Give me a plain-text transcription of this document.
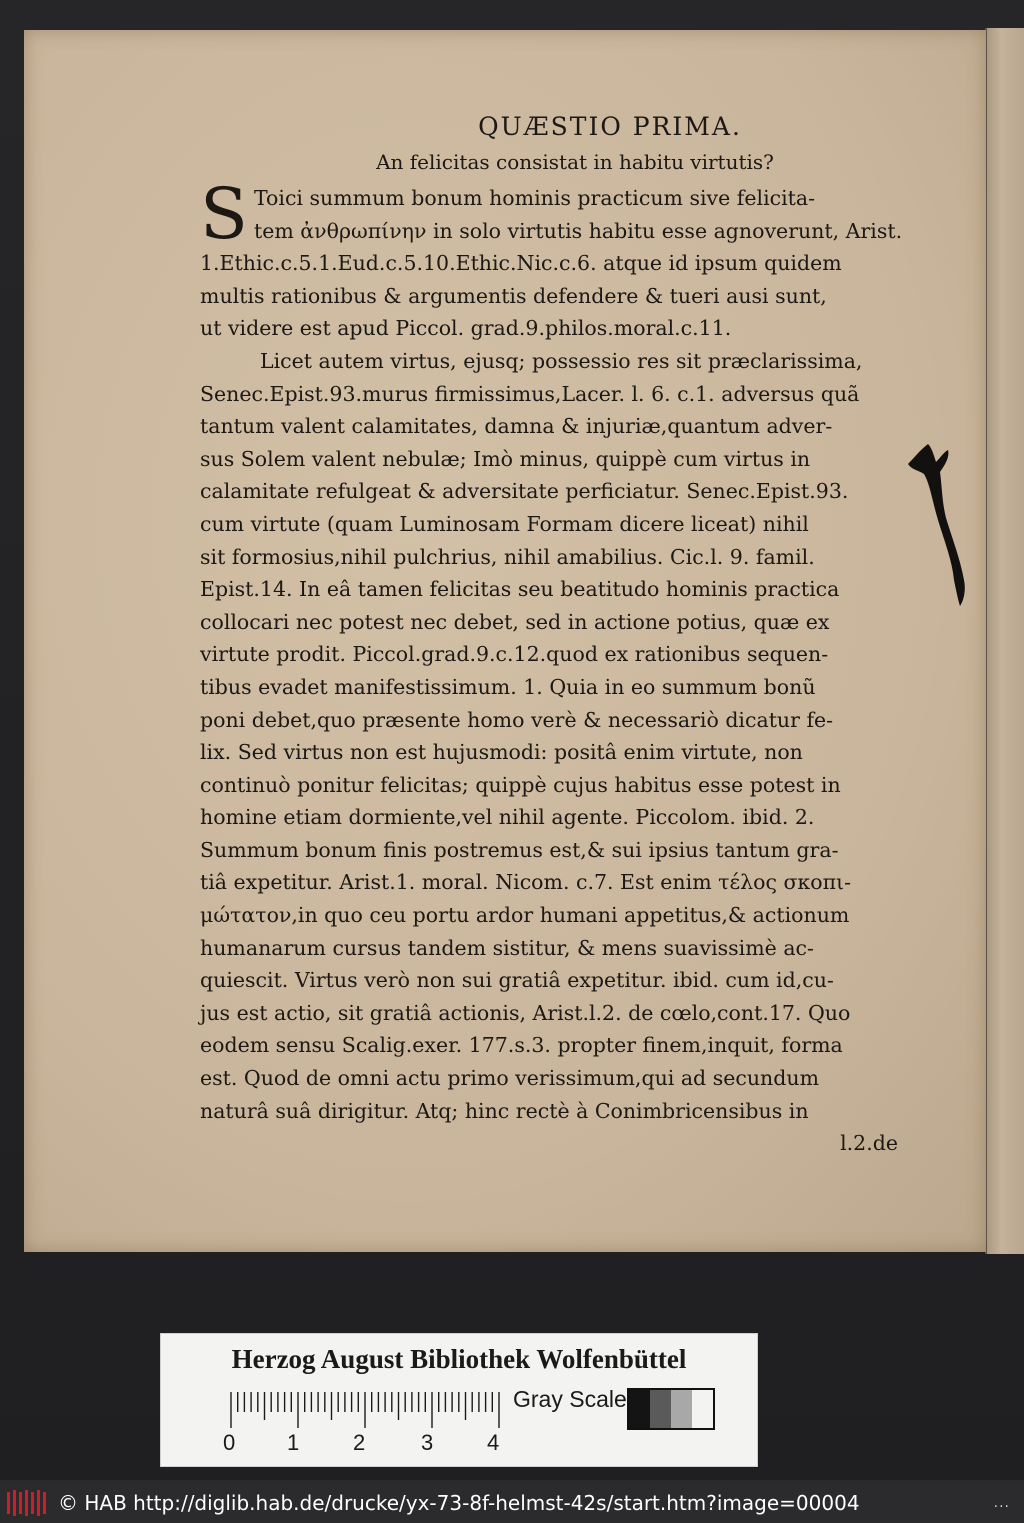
QUÆSTIO PRIMA.

An felicitas consistat in habitu virtutis?

S Toici summum bonum hominis practicum sive felicita-

tem ἀνθρωπίνην in solo virtutis habitu esse agnoverunt, Arist.

1.Ethic.c.5.1.Eud.c.5.10.Ethic.Nic.c.6. atque id ipsum quidem

multis rationibus & argumentis defendere & tueri ausi sunt,

ut videre est apud Piccol. grad.9.philos.moral.c.11.

Licet autem virtus, ejusq; possessio res sit præclarissima,

Senec.Epist.93.murus firmissimus,Lacer. l. 6. c.1. adversus quã

tantum valent calamitates, damna & injuriæ,quantum adver-

sus Solem valent nebulæ; Imò minus, quippè cum virtus in

calamitate refulgeat & adversitate perficiatur. Senec.Epist.93.

cum virtute (quam Luminosam Formam dicere liceat) nihil

sit formosius,nihil pulchrius, nihil amabilius. Cic.l. 9. famil.

Epist.14. In eâ tamen felicitas seu beatitudo hominis practica

collocari nec potest nec debet, sed in actione potius, quæ ex

virtute prodit. Piccol.grad.9.c.12.quod ex rationibus sequen-

tibus evadet manifestissimum. 1. Quia in eo summum bonũ

poni debet,quo præsente homo verè & necessariò dicatur fe-

lix. Sed virtus non est hujusmodi: positâ enim virtute, non

continuò ponitur felicitas; quippè cujus habitus esse potest in

homine etiam dormiente,vel nihil agente. Piccolom. ibid. 2.

Summum bonum finis postremus est,& sui ipsius tantum gra-

tiâ expetitur. Arist.1. moral. Nicom. c.7. Est enim τέλος σκοπι-

μώτατον,in quo ceu portu ardor humani appetitus,& actionum

humanarum cursus tandem sistitur, & mens suavissimè ac-

quiescit. Virtus verò non sui gratiâ expetitur. ibid. cum id,cu-

jus est actio, sit gratiâ actionis, Arist.l.2. de cœlo,cont.17. Quo

eodem sensu Scalig.exer. 177.s.3. propter finem,inquit, forma

est. Quod de omni actu primo verissimum,qui ad secundum

naturâ suâ dirigitur. Atq; hinc rectè à Conimbricensibus in

l.2.de

Herzog August Bibliothek Wolfenbüttel
0 1 2	3 4
Gray Scale
© HAB http://diglib.hab.de/drucke/yx-73-8f-helmst-42s/start.htm?image=00004	...
